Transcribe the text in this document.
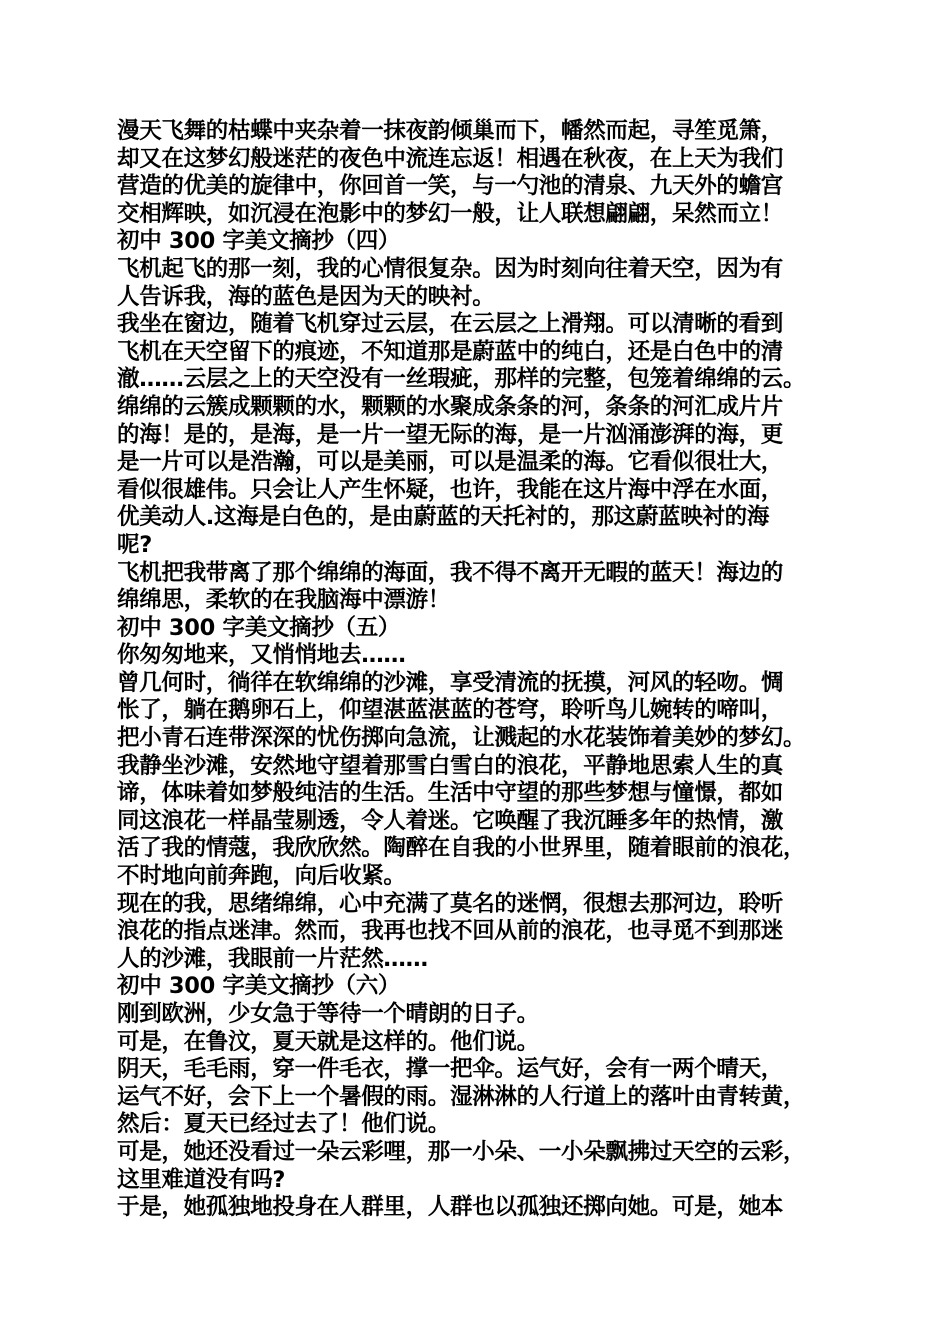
漫天飞舞的枯蝶中夹杂着一抹夜韵倾巢而下，幡然而起，寻笙觅箫，
却又在这梦幻般迷茫的夜色中流连忘返！相遇在秋夜，在上天为我们
营造的优美的旋律中，你回首一笑，与一勺池的清泉、九天外的蟾宫
交相辉映，如沉浸在泡影中的梦幻一般，让人联想翩翩，呆然而立！
初中 300 字美文摘抄（四）
飞机起飞的那一刻，我的心情很复杂。因为时刻向往着天空，因为有
人告诉我，海的蓝色是因为天的映衬。
我坐在窗边，随着飞机穿过云层，在云层之上滑翔。可以清晰的看到
飞机在天空留下的痕迹，不知道那是蔚蓝中的纯白，还是白色中的清
澈……云层之上的天空没有一丝瑕疵，那样的完整，包笼着绵绵的云。
绵绵的云簇成颗颗的水，颗颗的水聚成条条的河，条条的河汇成片片
的海！是的，是海，是一片一望无际的海，是一片汹涌澎湃的海，更
是一片可以是浩瀚，可以是美丽，可以是温柔的海。它看似很壮大，
看似很雄伟。只会让人产生怀疑，也许，我能在这片海中浮在水面，
优美动人.这海是白色的，是由蔚蓝的天托衬的，那这蔚蓝映衬的海
呢?
飞机把我带离了那个绵绵的海面，我不得不离开无暇的蓝天！海边的
绵绵思，柔软的在我脑海中漂游！
初中 300 字美文摘抄（五）
你匆匆地来，又悄悄地去……
曾几何时，徜徉在软绵绵的沙滩，享受清流的抚摸，河风的轻吻。惆
怅了，躺在鹅卵石上，仰望湛蓝湛蓝的苍穹，聆听鸟儿婉转的啼叫，
把小青石连带深深的忧伤掷向急流，让溅起的水花装饰着美妙的梦幻。
我静坐沙滩，安然地守望着那雪白雪白的浪花，平静地思索人生的真
谛，体味着如梦般纯洁的生活。生活中守望的那些梦想与憧憬，都如
同这浪花一样晶莹剔透，令人着迷。它唤醒了我沉睡多年的热情，激
活了我的情蔻，我欣欣然。陶醉在自我的小世界里，随着眼前的浪花，
不时地向前奔跑，向后收紧。
现在的我，思绪绵绵，心中充满了莫名的迷惘，很想去那河边，聆听
浪花的指点迷津。然而，我再也找不回从前的浪花，也寻觅不到那迷
人的沙滩，我眼前一片茫然……
初中 300 字美文摘抄（六）
刚到欧洲，少女急于等待一个晴朗的日子。
可是，在鲁汶，夏天就是这样的。他们说。
阴天，毛毛雨，穿一件毛衣，撑一把伞。运气好，会有一两个晴天，
运气不好，会下上一个暑假的雨。湿淋淋的人行道上的落叶由青转黄，
然后：夏天已经过去了！他们说。
可是，她还没看过一朵云彩哩，那一小朵、一小朵飘拂过天空的云彩，
这里难道没有吗?
于是，她孤独地投身在人群里，人群也以孤独还掷向她。可是，她本
